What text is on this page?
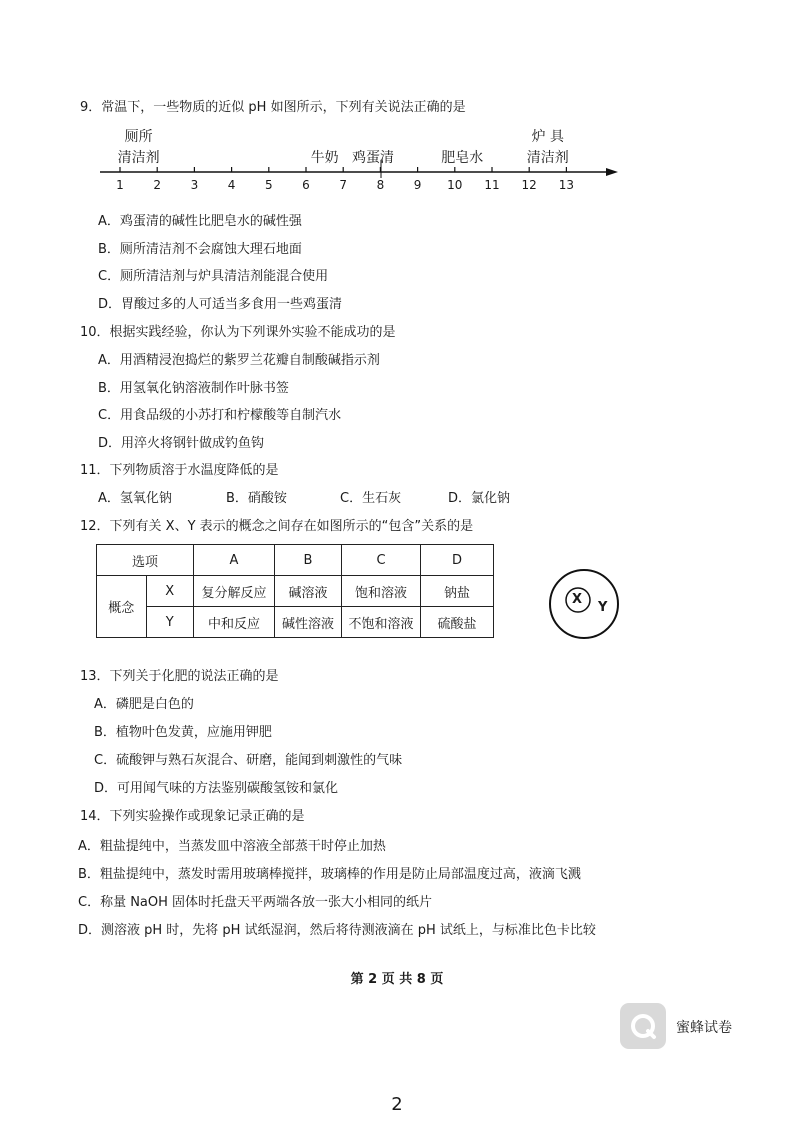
9．常温下，一些物质的近似 pH 如图所示，下列有关说法正确的是
1	2	3	4	5	6	7	8	9	10 11 12 13
厕所
清洁剂	牛奶 鸡蛋清	肥皂水
炉 具
清洁剂
A．鸡蛋清的碱性比肥皂水的碱性强
B．厕所清洁剂不会腐蚀大理石地面
C．厕所清洁剂与炉具清洁剂能混合使用
D．胃酸过多的人可适当多食用一些鸡蛋清
10．根据实践经验，你认为下列课外实验不能成功的是
A．用酒精浸泡捣烂的紫罗兰花瓣自制酸碱指示剂
B．用氢氧化钠溶液制作叶脉书签
C．用食品级的小苏打和柠檬酸等自制汽水
D．用淬火将钢针做成钓鱼钩
11．下列物质溶于水温度降低的是
A．氢氧化钠	B．硝酸铵	C．生石灰	D．氯化钠
12．下列有关 X、Y 表示的概念之间存在如图所示的“包含”关系的是
选项		A	B	C	D
概念	X	复分解反应	碱溶液	饱和溶液	钠盐
	Y	中和反应	碱性溶液	不饱和溶液	硫酸盐
X
Y
13．下列关于化肥的说法正确的是
A．磷肥是白色的
B．植物叶色发黄，应施用钾肥
C．硫酸钾与熟石灰混合、研磨，能闻到刺激性的气味
D．可用闻气味的方法鉴别碳酸氢铵和氯化
14．下列实验操作或现象记录正确的是
A．粗盐提纯中，当蒸发皿中溶液全部蒸干时停止加热
B．粗盐提纯中，蒸发时需用玻璃棒搅拌，玻璃棒的作用是防止局部温度过高，液滴飞溅
C．称量 NaOH 固体时托盘天平两端各放一张大小相同的纸片
D．测溶液 pH 时，先将 pH 试纸湿润，然后将待测液滴在 pH 试纸上，与标准比色卡比较
第 2 页 共 8 页
蜜蜂试卷
2
